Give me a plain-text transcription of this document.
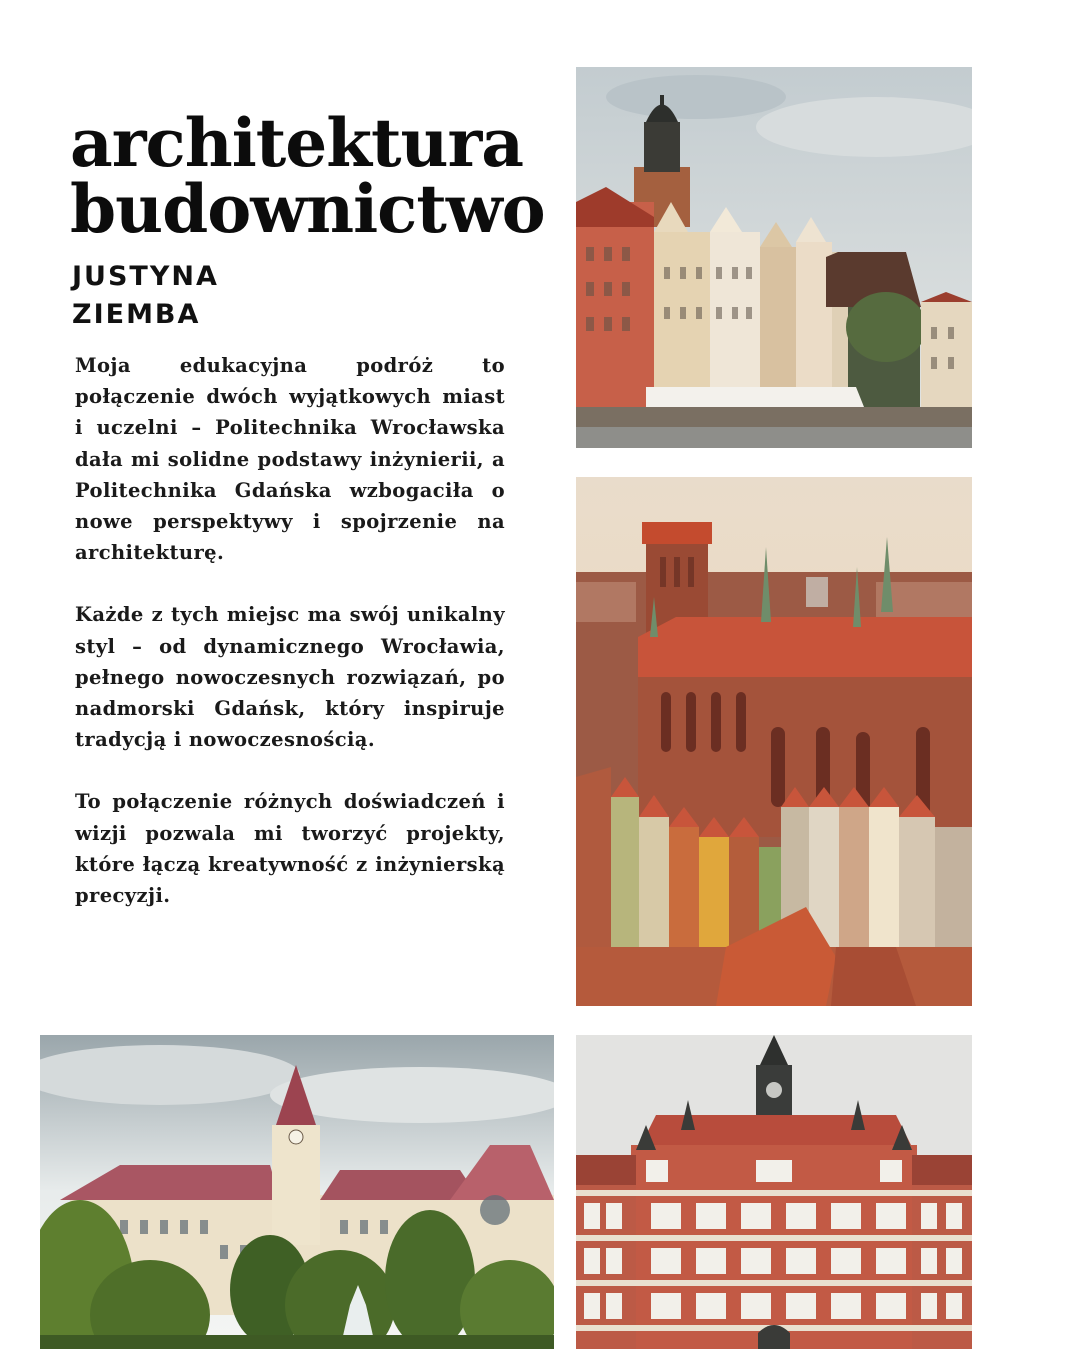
architektura
budownictwo
JUSTYNA
ZIEMBA

Moja edukacyjna podróż to połączenie dwóch wyjątkowych miast i uczelni – Politechnika Wrocławska dała mi solidne podstawy inżynierii, a Politechnika Gdańska wzbogaciła o nowe perspektywy i spojrzenie na architekturę.

Każde z tych miejsc ma swój unikalny styl – od dynamicznego Wrocławia, pełnego nowoczesnych rozwiązań, po nadmorski Gdańsk, który inspiruje tradycją i nowoczesnością.

To połączenie różnych doświadczeń i wizji pozwala mi tworzyć projekty, które łączą kreatywność z inżynierską precyzji.
